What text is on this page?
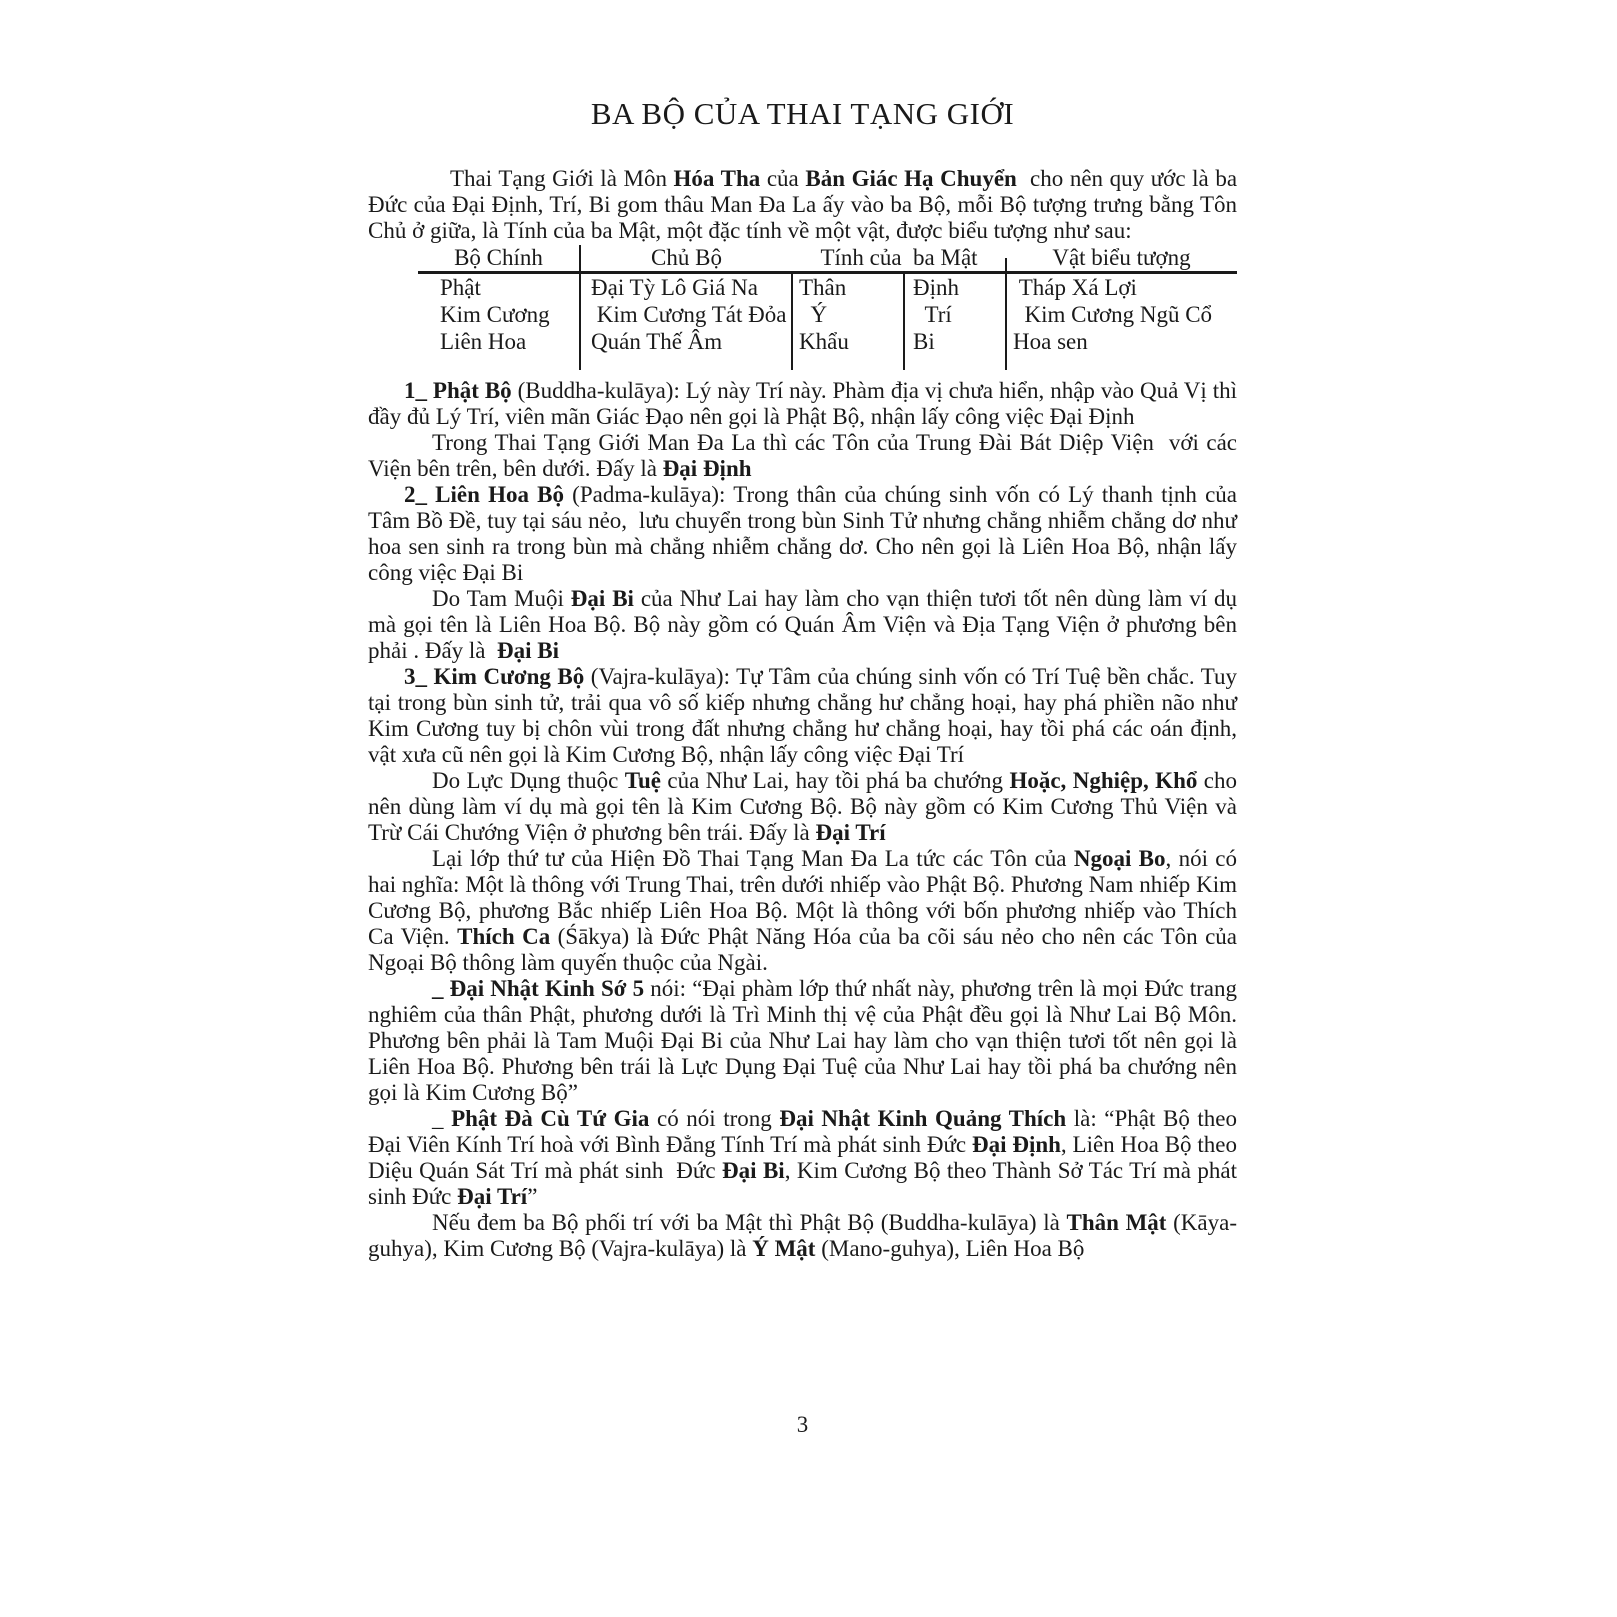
BA BỘ CỦA THAI TẠNG GIỚI

Thai Tạng Giới là Môn Hóa Tha của Bản Giác Hạ Chuyển  cho nên quy ước là ba Đức của Đại Định, Trí, Bi gom thâu Man Đa La ấy vào ba Bộ, mỗi Bộ tượng trưng bằng Tôn Chủ ở giữa, là Tính của ba Mật, một đặc tính về một vật, được biểu tượng như sau:

Bộ Chính	Chủ Bộ	Tính của  ba Mật		Vật biểu tượng
Phật	Đại Tỳ Lô Giá Na	Thân	Định	Tháp Xá Lợi
Kim Cương	Kim Cương Tát Đỏa	Ý	Trí	Kim Cương Ngũ Cổ
Liên Hoa	Quán Thế Âm	Khẩu	Bi	Hoa sen

1_ Phật Bộ (Buddha-kulāya): Lý này Trí này. Phàm địa vị chưa hiển, nhập vào Quả Vị thì đầy đủ Lý Trí, viên mãn Giác Đạo nên gọi là Phật Bộ, nhận lấy công việc Đại Định

Trong Thai Tạng Giới Man Đa La thì các Tôn của Trung Đài Bát Diệp Viện  với các Viện bên trên, bên dưới. Đấy là Đại Định

2_ Liên Hoa Bộ (Padma-kulāya): Trong thân của chúng sinh vốn có Lý thanh tịnh của Tâm Bồ Đề, tuy tại sáu nẻo,  lưu chuyển trong bùn Sinh Tử nhưng chẳng nhiễm chẳng dơ như hoa sen sinh ra trong bùn mà chẳng nhiễm chẳng dơ. Cho nên gọi là Liên Hoa Bộ, nhận lấy công việc Đại Bi

Do Tam Muội Đại Bi của Như Lai hay làm cho vạn thiện tươi tốt nên dùng làm ví dụ mà gọi tên là Liên Hoa Bộ. Bộ này gồm có Quán Âm Viện và Địa Tạng Viện ở phương bên phải . Đấy là  Đại Bi

3_ Kim Cương Bộ (Vajra-kulāya): Tự Tâm của chúng sinh vốn có Trí Tuệ bền chắc. Tuy tại trong bùn sinh tử, trải qua vô số kiếp nhưng chẳng hư chẳng hoại, hay phá phiền não như Kim Cương tuy bị chôn vùi trong đất nhưng chẳng hư chẳng hoại, hay tồi phá các oán định, vật xưa cũ nên gọi là Kim Cương Bộ, nhận lấy công việc Đại Trí

Do Lực Dụng thuộc Tuệ của Như Lai, hay tồi phá ba chướng Hoặc, Nghiệp, Khổ cho nên dùng làm ví dụ mà gọi tên là Kim Cương Bộ. Bộ này gồm có Kim Cương Thủ Viện và Trừ Cái Chướng Viện ở phương bên trái. Đấy là Đại Trí

Lại lớp thứ tư của Hiện Đồ Thai Tạng Man Đa La tức các Tôn của Ngoại Bo, nói có hai nghĩa: Một là thông với Trung Thai, trên dưới nhiếp vào Phật Bộ. Phương Nam nhiếp Kim Cương Bộ, phương Bắc nhiếp Liên Hoa Bộ. Một là thông với bốn phương nhiếp vào Thích Ca Viện. Thích Ca (Śākya) là Đức Phật Năng Hóa của ba cõi sáu nẻo cho nên các Tôn của Ngoại Bộ thông làm quyến thuộc của Ngài.

_ Đại Nhật Kinh Sớ 5 nói: “Đại phàm lớp thứ nhất này, phương trên là mọi Đức trang nghiêm của thân Phật, phương dưới là Trì Minh thị vệ của Phật đều gọi là Như Lai Bộ Môn. Phương bên phải là Tam Muội Đại Bi của Như Lai hay làm cho vạn thiện tươi tốt nên gọi là Liên Hoa Bộ. Phương bên trái là Lực Dụng Đại Tuệ của Như Lai hay tồi phá ba chướng nên gọi là Kim Cương Bộ”

_ Phật Đà Cù Tứ Gia có nói trong Đại Nhật Kinh Quảng Thích là: “Phật Bộ theo Đại Viên Kính Trí hoà với Bình Đẳng Tính Trí mà phát sinh Đức Đại Định, Liên Hoa Bộ theo Diệu Quán Sát Trí mà phát sinh  Đức Đại Bi, Kim Cương Bộ theo Thành Sở Tác Trí mà phát sinh Đức Đại Trí”

Nếu đem ba Bộ phối trí với ba Mật thì Phật Bộ (Buddha-kulāya) là Thân Mật (Kāya-guhya), Kim Cương Bộ (Vajra-kulāya) là Ý Mật (Mano-guhya), Liên Hoa Bộ

3
